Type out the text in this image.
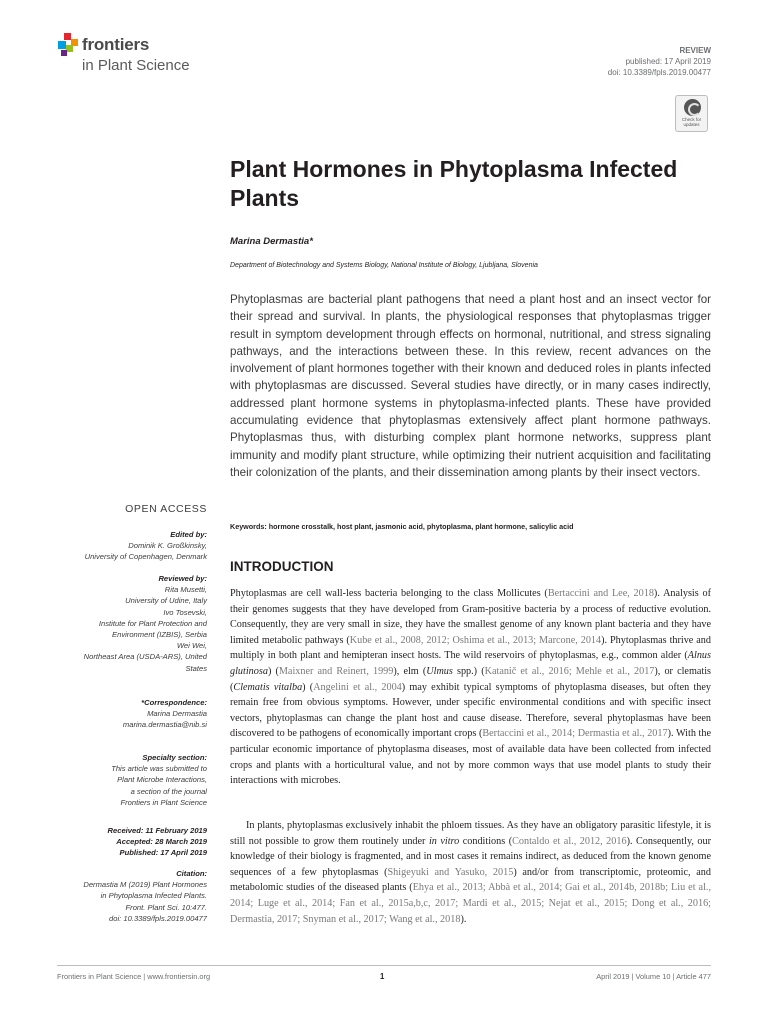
frontiers
in Plant Science
REVIEW
published: 17 April 2019
doi: 10.3389/fpls.2019.00477
Check for updates
Plant Hormones in Phytoplasma Infected Plants
Marina Dermastia*
Department of Biotechnology and Systems Biology, National Institute of Biology, Ljubljana, Slovenia
Phytoplasmas are bacterial plant pathogens that need a plant host and an insect vector for their spread and survival. In plants, the physiological responses that phytoplasmas trigger result in symptom development through effects on hormonal, nutritional, and stress signaling pathways, and the interactions between these. In this review, recent advances on the involvement of plant hormones together with their known and deduced roles in plants infected with phytoplasmas are discussed. Several studies have directly, or in many cases indirectly, addressed plant hormone systems in phytoplasma-infected plants. These have provided accumulating evidence that phytoplasmas extensively affect plant hormone pathways. Phytoplasmas thus, with disturbing complex plant hormone networks, suppress plant immunity and modify plant structure, while optimizing their nutrient acquisition and facilitating their colonization of the plants, and their dissemination among plants by their insect vectors.
Keywords: hormone crosstalk, host plant, jasmonic acid, phytoplasma, plant hormone, salicylic acid
OPEN ACCESS
Edited by:
Dominik K. Großkinsky,
University of Copenhagen, Denmark
Reviewed by:
Rita Musetti,
University of Udine, Italy
Ivo Tosevski,
Institute for Plant Protection and
Environment (IZBIS), Serbia
Wei Wei,
Northeast Area (USDA-ARS), United
States
*Correspondence:
Marina Dermastia
marina.dermastia@nib.si
Specialty section:
This article was submitted to
Plant Microbe Interactions,
a section of the journal
Frontiers in Plant Science
Received: 11 February 2019
Accepted: 28 March 2019
Published: 17 April 2019
Citation:
Dermastia M (2019) Plant Hormones
in Phytoplasma Infected Plants.
Front. Plant Sci. 10:477.
doi: 10.3389/fpls.2019.00477
INTRODUCTION
Phytoplasmas are cell wall-less bacteria belonging to the class Mollicutes (Bertaccini and Lee, 2018). Analysis of their genomes suggests that they have developed from Gram-positive bacteria by a process of reductive evolution. Consequently, they are very small in size, they have the smallest genome of any known plant bacteria and they have limited metabolic pathways (Kube et al., 2008, 2012; Oshima et al., 2013; Marcone, 2014). Phytoplasmas thrive and multiply in both plant and hemipteran insect hosts. The wild reservoirs of phytoplasmas, e.g., common alder (Alnus glutinosa) (Maixner and Reinert, 1999), elm (Ulmus spp.) (Katanič et al., 2016; Mehle et al., 2017), or clematis (Clematis vitalba) (Angelini et al., 2004) may exhibit typical symptoms of phytoplasma diseases, but often they remain free from obvious symptoms. However, under specific environmental conditions and with specific insect vectors, phytoplasmas can change the plant host and cause disease. Therefore, several phytoplasmas have been discovered to be pathogens of economically important crops (Bertaccini et al., 2014; Dermastia et al., 2017). With the particular economic importance of phytoplasma diseases, most of available data have been collected from infected crops and plants with a horticultural value, and not by more common ways that use model plants to study their interactions with microbes.
In plants, phytoplasmas exclusively inhabit the phloem tissues. As they have an obligatory parasitic lifestyle, it is still not possible to grow them routinely under in vitro conditions (Contaldo et al., 2012, 2016). Consequently, our knowledge of their biology is fragmented, and in most cases it remains indirect, as deduced from the known genome sequences of a few phytoplasmas (Shigeyuki and Yasuko, 2015) and/or from transcriptomic, proteomic, and metabolomic studies of the diseased plants (Ehya et al., 2013; Abbà et al., 2014; Gai et al., 2014b, 2018b; Liu et al., 2014; Luge et al., 2014; Fan et al., 2015a,b,c, 2017; Mardi et al., 2015; Nejat et al., 2015; Dong et al., 2016; Dermastia, 2017; Snyman et al., 2017; Wang et al., 2018).
Frontiers in Plant Science | www.frontiersin.org	1	April 2019 | Volume 10 | Article 477
